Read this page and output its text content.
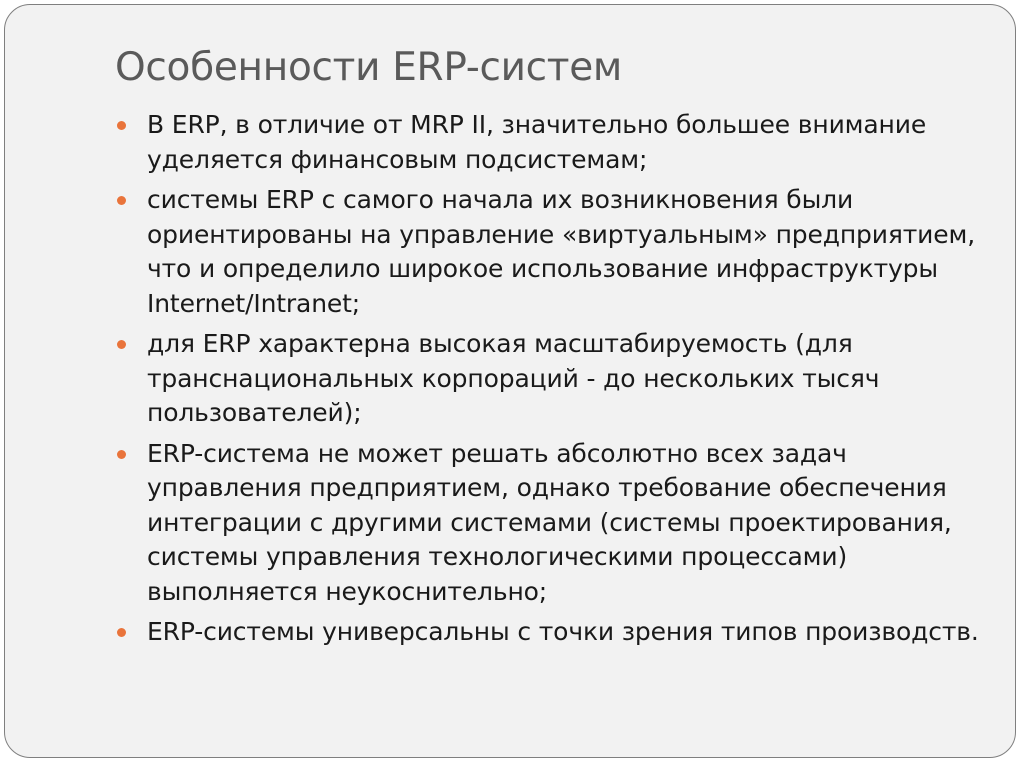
Особенности ERP-систем
В ERP, в отличие от MRP II, значительно большее внимание уделяется финансовым подсистемам;
системы ERP с самого начала их возникновения были ориентированы на управление «виртуальным» предприятием, что и определило широкое использование инфраструктуры Internet/Intranet;
для ERP характерна высокая масштабируемость (для транснациональных корпораций - до нескольких тысяч пользователей);
ERP-система не может решать абсолютно всех задач управления предприятием, однако требование обеспечения интеграции с другими системами (системы проектирования, системы управления технологическими процессами) выполняется неукоснительно;
ERP-системы универсальны с точки зрения типов производств.
